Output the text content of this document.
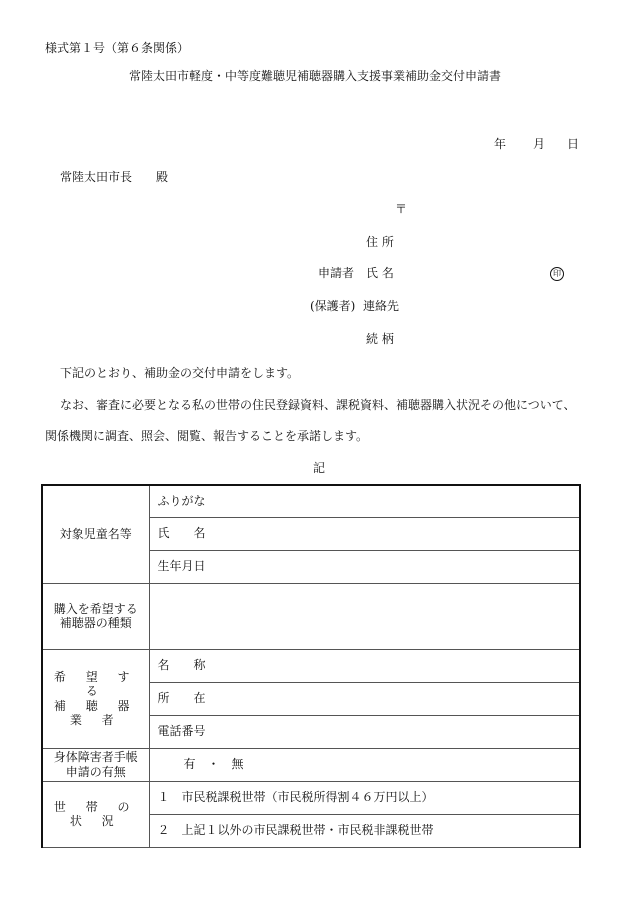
様式第１号（第６条関係）
常陸太田市軽度・中等度難聴児補聴器購入支援事業補助金交付申請書
年 月 日
常陸太田市長　　殿
〒
住 所
申請者 氏 名	印
(保護者) 連絡先
続 柄
下記のとおり、補助金の交付申請をします。
なお、審査に必要となる私の世帯の住民登録資料、課税資料、補聴器購入状況その他について、
関係機関に調査、照会、閲覧、報告することを承諾します。
記
対象児童名等	ふりがな
	氏　　名
	生年月日

購入を希望する
補聴器の種類	

希 望 す る
補 聴 器 業 者	名　　称
	所　　在
	電話番号

身体障害者手帳
申請の有無	有　・　無
世 帯 の 状 況	１　市民税課税世帯（市民税所得割４６万円以上）
	２　上記１以外の市民課税世帯・市民税非課税世帯
